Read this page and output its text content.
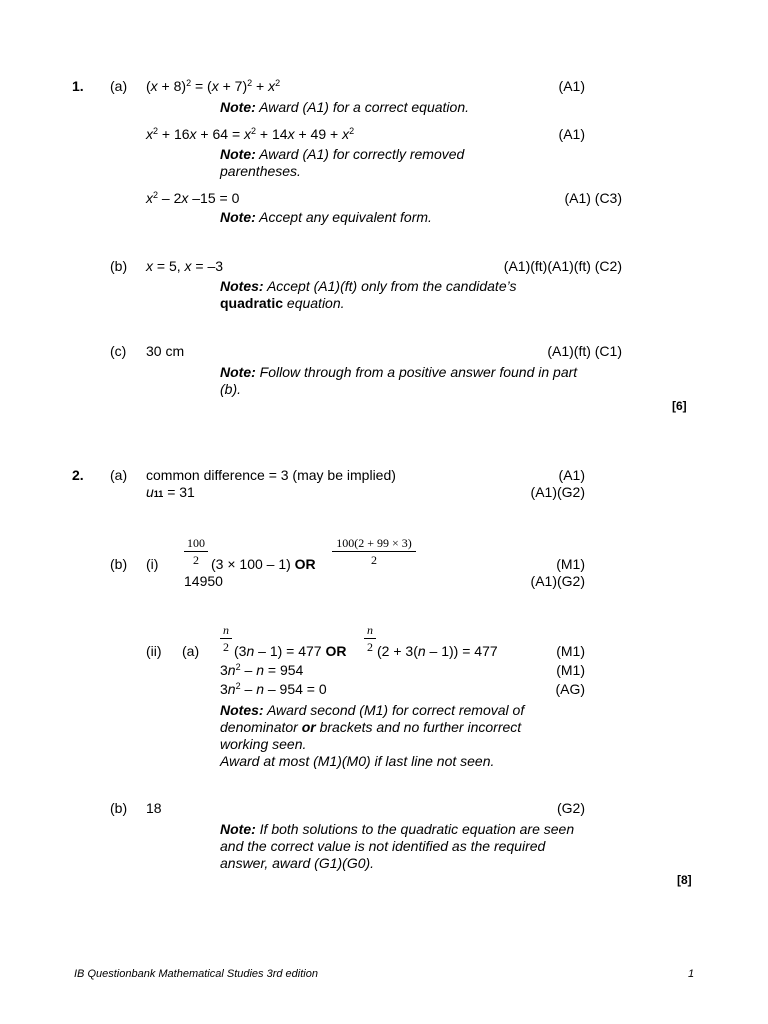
1. (a) $(x + 8)^2 = (x + 7)^2 + x^2$	(A1)
Note: Award (A1) for a correct equation.
$x^2 + 16x + 64 = x^2 + 14x + 49 + x^2$	(A1)
Note: Award (A1) for correctly removed parentheses.
$x^2 - 2x$ –15 = 0	(A1) (C3)
Note: Accept any equivalent form.
(b) x = 5, x = –3	(A1)(ft)(A1)(ft) (C2)
Notes: Accept (A1)(ft) only from the candidate’s
quadratic equation.
(c) 30 cm	(A1)(ft) (C1)
Note: Follow through from a positive answer found in part (b).
[6]
2. (a) common difference = 3 (may be implied)	(A1)
$u_{11} = 31$	(A1)(G2)
100
2
100(2 + 99 × 3)
2
(b) (i)	(3 × 100 – 1) OR	(M1)
14950	(A1)(G2)
n
2
n
2
(ii) (a) (3n – 1) = 477 OR (2 + 3(n – 1)) = 477	(M1)
$3n^2 - n = 954$	(M1)
$3n^2 - n - 954 = 0$	(AG)
Notes: Award second (M1) for correct removal of
denominator or brackets and no further incorrect
working seen.
Award at most (M1)(M0) if last line not seen.
(b) 18	(G2)
Note: If both solutions to the quadratic equation are seen and the correct value is not identified as the required answer, award (G1)(G0).
[8]
IB Questionbank Mathematical Studies 3rd edition	1
